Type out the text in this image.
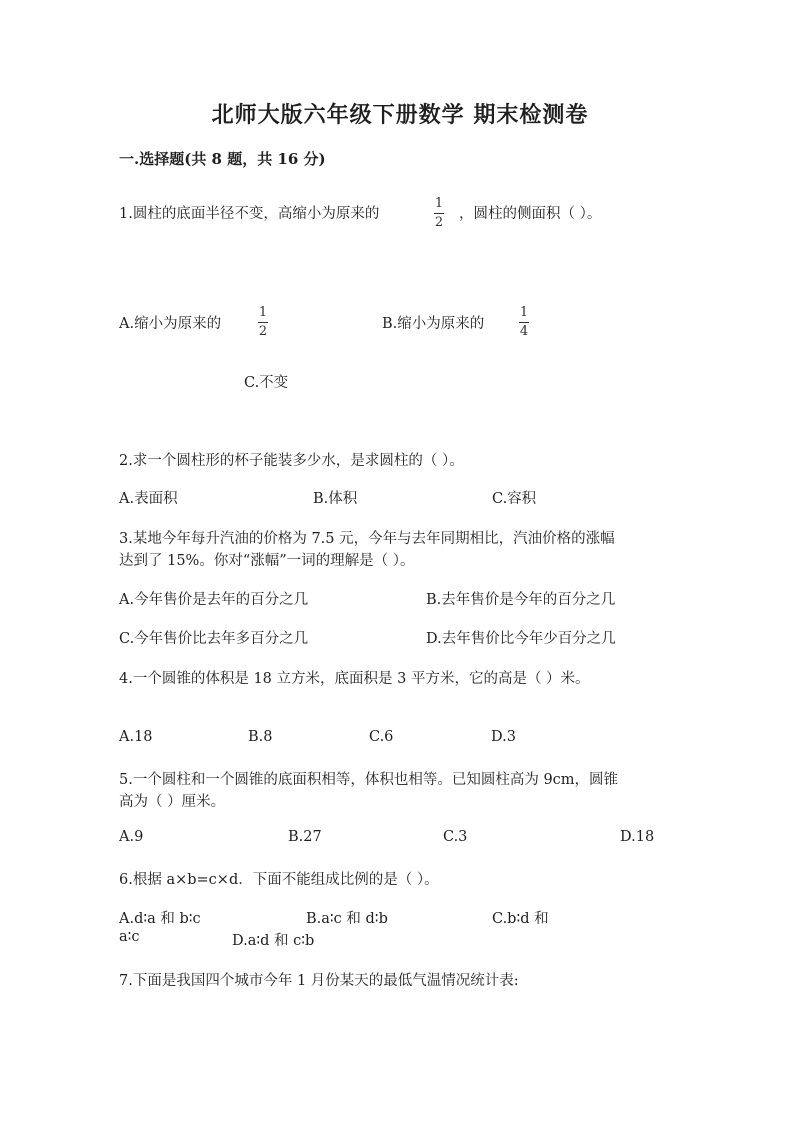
北师大版六年级下册数学 期末检测卷
一.选择题(共 8 题，共 16 分)
1.圆柱的底面半径不变，高缩小为原来的
1
2
，圆柱的侧面积（ ）。
A.缩小为原来的
1
2	B.缩小为原来的
1
4
C.不变
2.求一个圆柱形的杯子能装多少水，是求圆柱的（ ）。
A.表面积	B.体积	C.容积
3.某地今年每升汽油的价格为 7.5 元，今年与去年同期相比，汽油价格的涨幅
达到了 15%。你对“涨幅”一词的理解是（ ）。
A.今年售价是去年的百分之几	B.去年售价是今年的百分之几
C.今年售价比去年多百分之几	D.去年售价比今年少百分之几
4.一个圆锥的体积是 18 立方米，底面积是 3 平方米，它的高是（ ）米。
A.18	B.8	C.6	D.3
5.一个圆柱和一个圆锥的底面积相等，体积也相等。已知圆柱高为 9cm，圆锥
高为（ ）厘米。
A.9	B.27	C.3	D.18
6.根据 a×b=c×d．下面不能组成比例的是（ ）。
A.d∶a 和 b∶c	B.a∶c 和 d∶b	C.b∶d 和
a∶c	D.a∶d 和 c∶b
7.下面是我国四个城市今年 1 月份某天的最低气温情况统计表:
